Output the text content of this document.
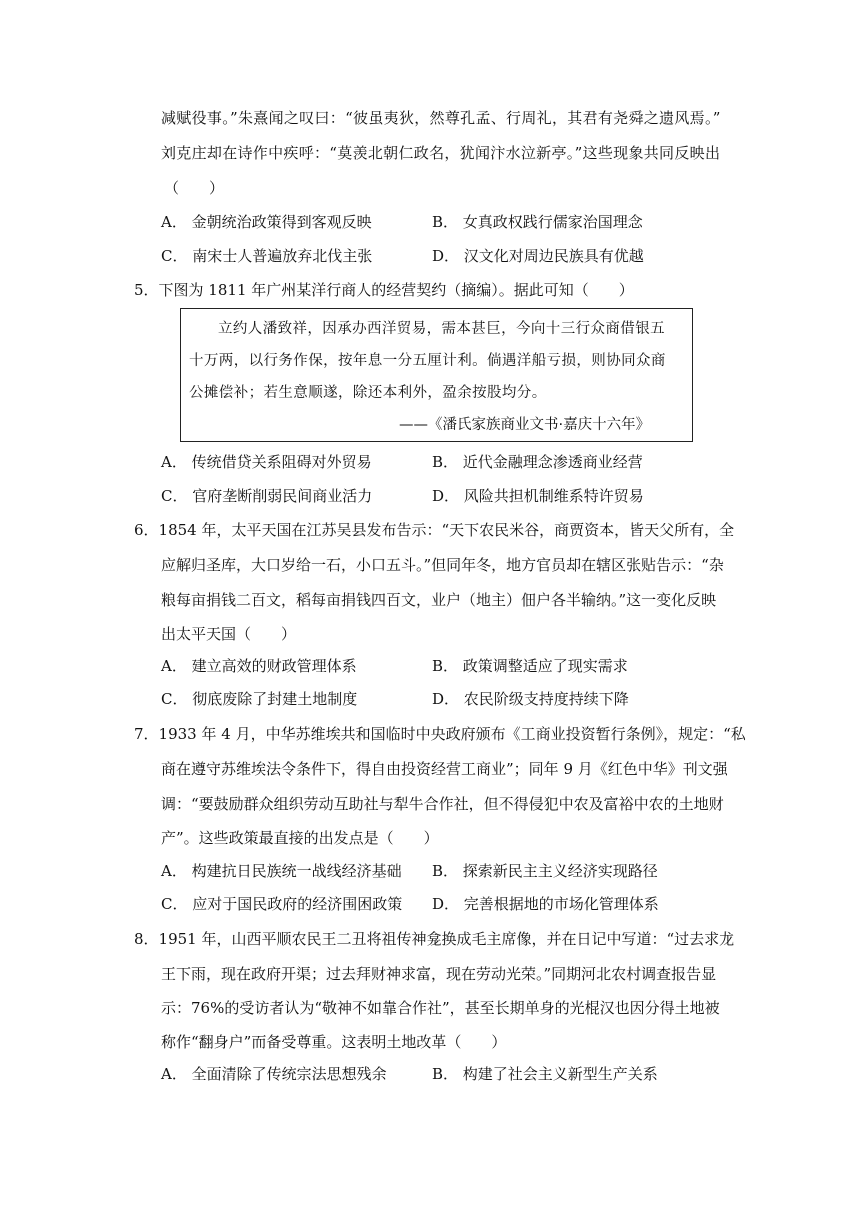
减赋役事。”朱熹闻之叹曰：“彼虽夷狄，然尊孔孟、行周礼，其君有尧舜之遗风焉。”
刘克庄却在诗作中疾呼：“莫羡北朝仁政名，犹闻汴水泣新亭。”这些现象共同反映出
（　　）
A． 金朝统治政策得到客观反映	B． 女真政权践行儒家治国理念
C． 南宋士人普遍放弃北伐主张	D． 汉文化对周边民族具有优越
5．下图为 1811 年广州某洋行商人的经营契约（摘编）。据此可知（　　）
立约人潘致祥，因承办西洋贸易，需本甚巨，今向十三行众商借银五
十万两，以行务作保，按年息一分五厘计利。倘遇洋船亏损，则协同众商
公摊偿补；若生意顺遂，除还本利外，盈余按股均分。
——《潘氏家族商业文书·嘉庆十六年》
A． 传统借贷关系阻碍对外贸易	B． 近代金融理念渗透商业经营
C． 官府垄断削弱民间商业活力	D． 风险共担机制维系特许贸易
6．1854 年，太平天国在江苏吴县发布告示：“天下农民米谷，商贾资本，皆天父所有，全
应解归圣库，大口岁给一石，小口五斗。”但同年冬，地方官员却在辖区张贴告示：“杂
粮每亩捐钱二百文，稻每亩捐钱四百文，业户（地主）佃户各半输纳。”这一变化反映
出太平天国（　　）
A． 建立高效的财政管理体系	B． 政策调整适应了现实需求
C． 彻底废除了封建土地制度	D． 农民阶级支持度持续下降
7．1933 年 4 月，中华苏维埃共和国临时中央政府颁布《工商业投资暂行条例》，规定：“私
商在遵守苏维埃法令条件下，得自由投资经营工商业”；同年 9 月《红色中华》刊文强
调：“要鼓励群众组织劳动互助社与犁牛合作社，但不得侵犯中农及富裕中农的土地财
产”。这些政策最直接的出发点是（　　）
A． 构建抗日民族统一战线经济基础 B． 探索新民主主义经济实现路径
C． 应对于国民政府的经济围困政策 D． 完善根据地的市场化管理体系
8．1951 年，山西平顺农民王二丑将祖传神龛换成毛主席像，并在日记中写道：“过去求龙
王下雨，现在政府开渠；过去拜财神求富，现在劳动光荣。”同期河北农村调查报告显
示：76%的受访者认为“敬神不如靠合作社”，甚至长期单身的光棍汉也因分得土地被
称作“翻身户”而备受尊重。这表明土地改革（　　）
A． 全面清除了传统宗法思想残余	B． 构建了社会主义新型生产关系
